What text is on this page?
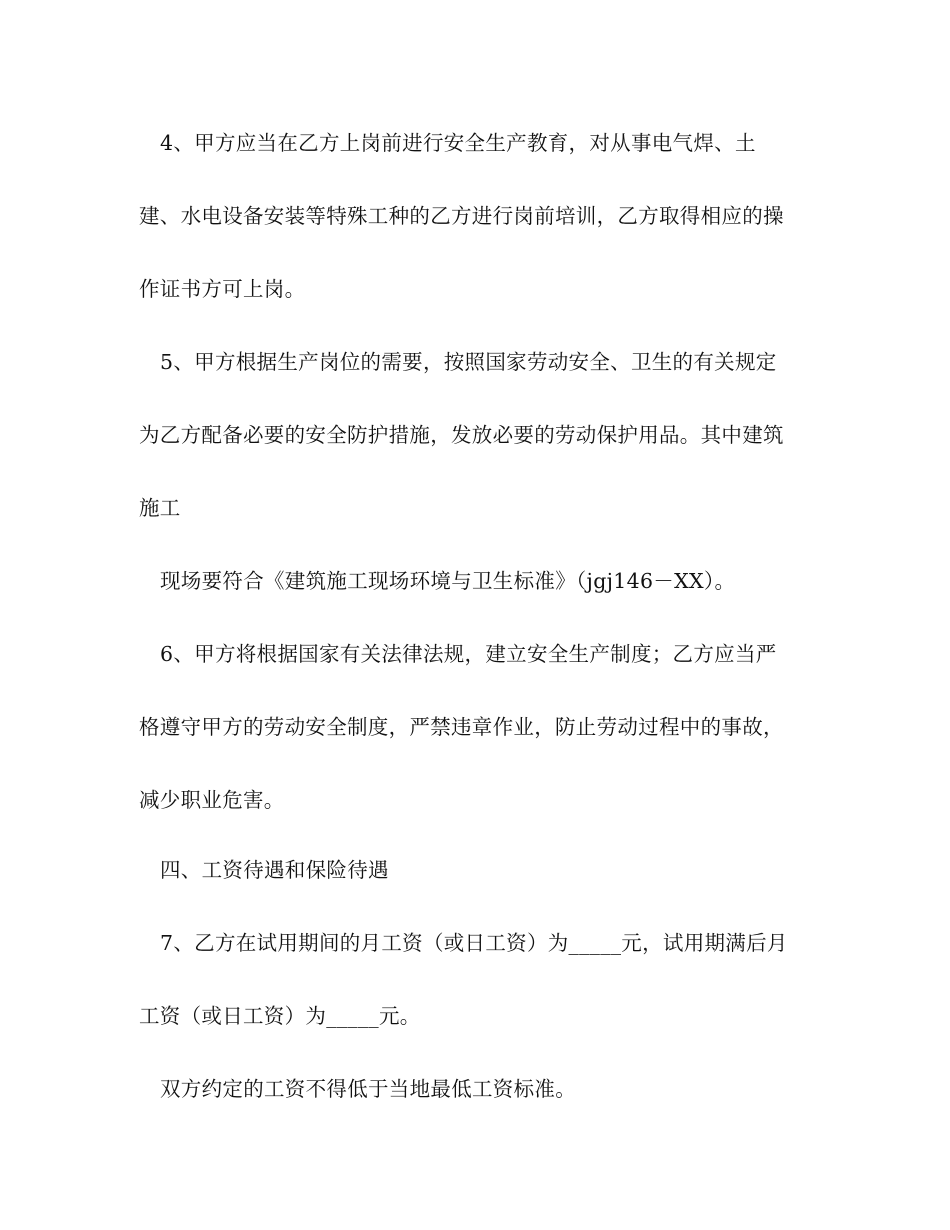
4、甲方应当在乙方上岗前进行安全生产教育，对从事电气焊、土
建、水电设备安装等特殊工种的乙方进行岗前培训，乙方取得相应的操
作证书方可上岗。
5、甲方根据生产岗位的需要，按照国家劳动安全、卫生的有关规定
为乙方配备必要的安全防护措施，发放必要的劳动保护用品。其中建筑
施工
现场要符合《建筑施工现场环境与卫生标准》（jgj146－XX）。
6、甲方将根据国家有关法律法规，建立安全生产制度；乙方应当严
格遵守甲方的劳动安全制度，严禁违章作业，防止劳动过程中的事故，
减少职业危害。
四、工资待遇和保险待遇
7、乙方在试用期间的月工资（或日工资）为_____元，试用期满后月
工资（或日工资）为_____元。
双方约定的工资不得低于当地最低工资标准。
